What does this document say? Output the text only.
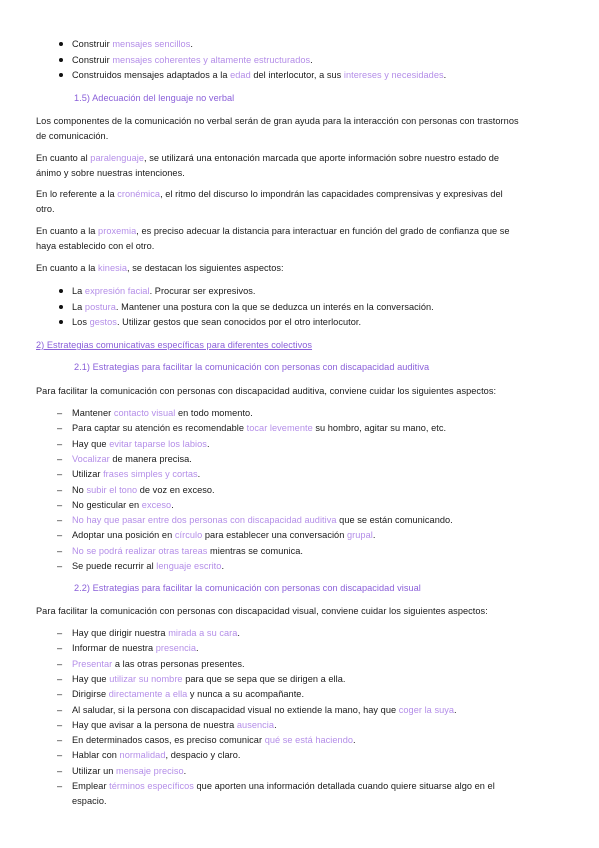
Construir mensajes sencillos.
Construir mensajes coherentes y altamente estructurados.
Construidos mensajes adaptados a la edad del interlocutor, a sus intereses y necesidades.
1.5) Adecuación del lenguaje no verbal
Los componentes de la comunicación no verbal serán de gran ayuda para la interacción con personas con trastornos
de comunicación.
En cuanto al paralenguaje, se utilizará una entonación marcada que aporte información sobre nuestro estado de
ánimo y sobre nuestras intenciones.
En lo referente a la cronémica, el ritmo del discurso lo impondrán las capacidades comprensivas y expresivas del
otro.
En cuanto a la proxemia, es preciso adecuar la distancia para interactuar en función del grado de confianza que se
haya establecido con el otro.
En cuanto a la kinesia, se destacan los siguientes aspectos:
La expresión facial. Procurar ser expresivos.
La postura. Mantener una postura con la que se deduzca un interés en la conversación.
Los gestos. Utilizar gestos que sean conocidos por el otro interlocutor.
2) Estrategias comunicativas específicas para diferentes colectivos
2.1) Estrategias para facilitar la comunicación con personas con discapacidad auditiva
Para facilitar la comunicación con personas con discapacidad auditiva, conviene cuidar los siguientes aspectos:
– Mantener contacto visual en todo momento.
– Para captar su atención es recomendable tocar levemente su hombro, agitar su mano, etc.
– Hay que evitar taparse los labios.
– Vocalizar de manera precisa.
– Utilizar frases simples y cortas.
– No subir el tono de voz en exceso.
– No gesticular en exceso.
– No hay que pasar entre dos personas con discapacidad auditiva que se están comunicando.
– Adoptar una posición en círculo para establecer una conversación grupal.
– No se podrá realizar otras tareas mientras se comunica.
– Se puede recurrir al lenguaje escrito.
2.2) Estrategias para facilitar la comunicación con personas con discapacidad visual
Para facilitar la comunicación con personas con discapacidad visual, conviene cuidar los siguientes aspectos:
– Hay que dirigir nuestra mirada a su cara.
– Informar de nuestra presencia.
– Presentar a las otras personas presentes.
– Hay que utilizar su nombre para que se sepa que se dirigen a ella.
– Dirigirse directamente a ella y nunca a su acompañante.
– Al saludar, si la persona con discapacidad visual no extiende la mano, hay que coger la suya.
– Hay que avisar a la persona de nuestra ausencia.
– En determinados casos, es preciso comunicar qué se está haciendo.
– Hablar con normalidad, despacio y claro.
– Utilizar un mensaje preciso.
– Emplear términos específicos que aporten una información detallada cuando quiere situarse algo en el
espacio.
